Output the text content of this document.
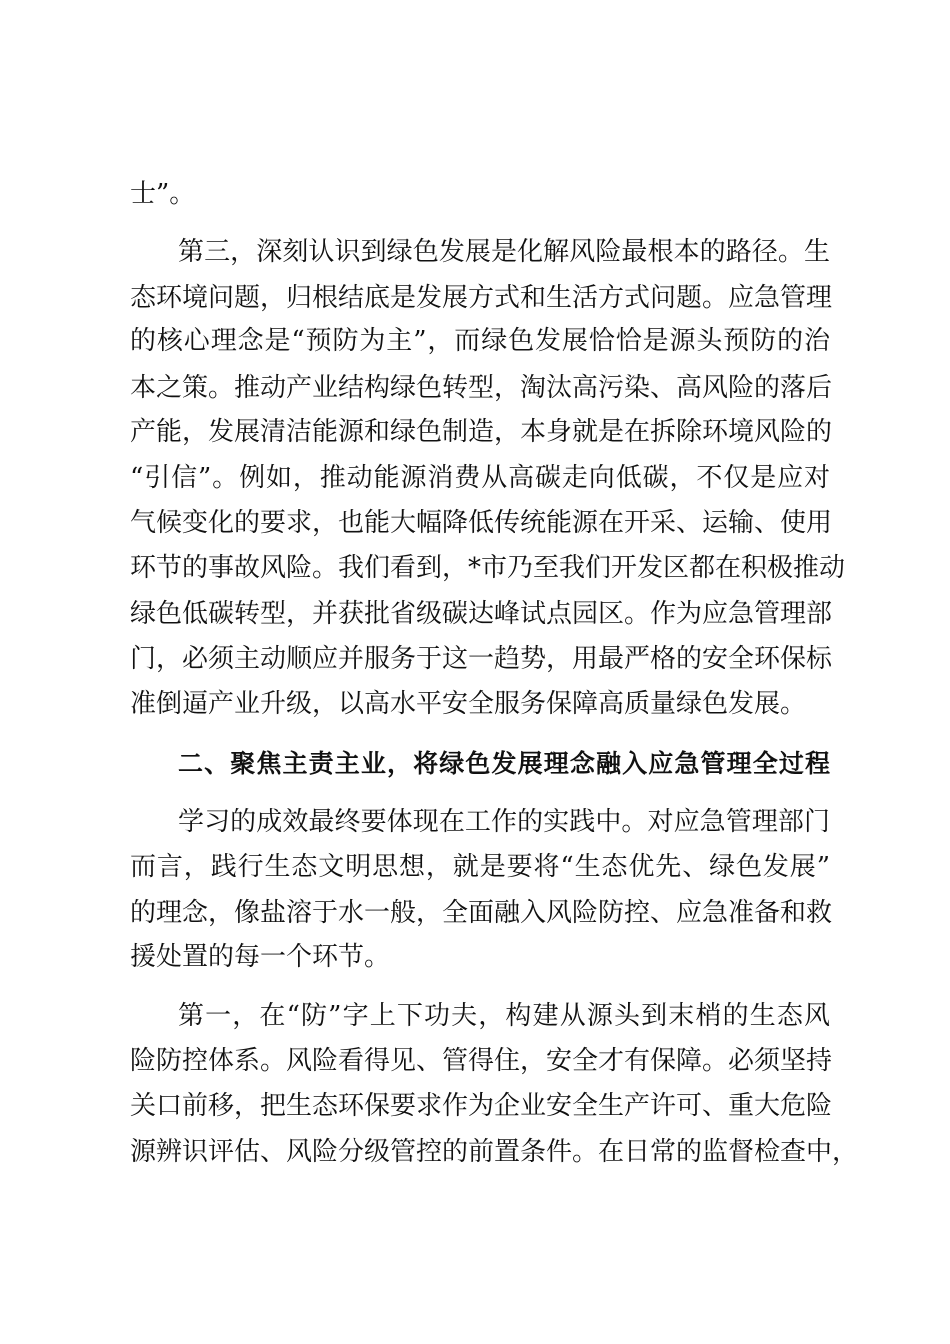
士”。
第三，深刻认识到绿色发展是化解风险最根本的路径。生
态环境问题，归根结底是发展方式和生活方式问题。应急管理
的核心理念是“预防为主”，而绿色发展恰恰是源头预防的治
本之策。推动产业结构绿色转型，淘汰高污染、高风险的落后
产能，发展清洁能源和绿色制造，本身就是在拆除环境风险的
“引信”。例如，推动能源消费从高碳走向低碳，不仅是应对
气候变化的要求，也能大幅降低传统能源在开采、运输、使用
环节的事故风险。我们看到，*市乃至我们开发区都在积极推动
绿色低碳转型，并获批省级碳达峰试点园区。作为应急管理部
门，必须主动顺应并服务于这一趋势，用最严格的安全环保标
准倒逼产业升级，以高水平安全服务保障高质量绿色发展。
二、聚焦主责主业，将绿色发展理念融入应急管理全过程
学习的成效最终要体现在工作的实践中。对应急管理部门
而言，践行生态文明思想，就是要将“生态优先、绿色发展”
的理念，像盐溶于水一般，全面融入风险防控、应急准备和救
援处置的每一个环节。
第一，在“防”字上下功夫，构建从源头到末梢的生态风
险防控体系。风险看得见、管得住，安全才有保障。必须坚持
关口前移，把生态环保要求作为企业安全生产许可、重大危险
源辨识评估、风险分级管控的前置条件。在日常的监督检查中，
